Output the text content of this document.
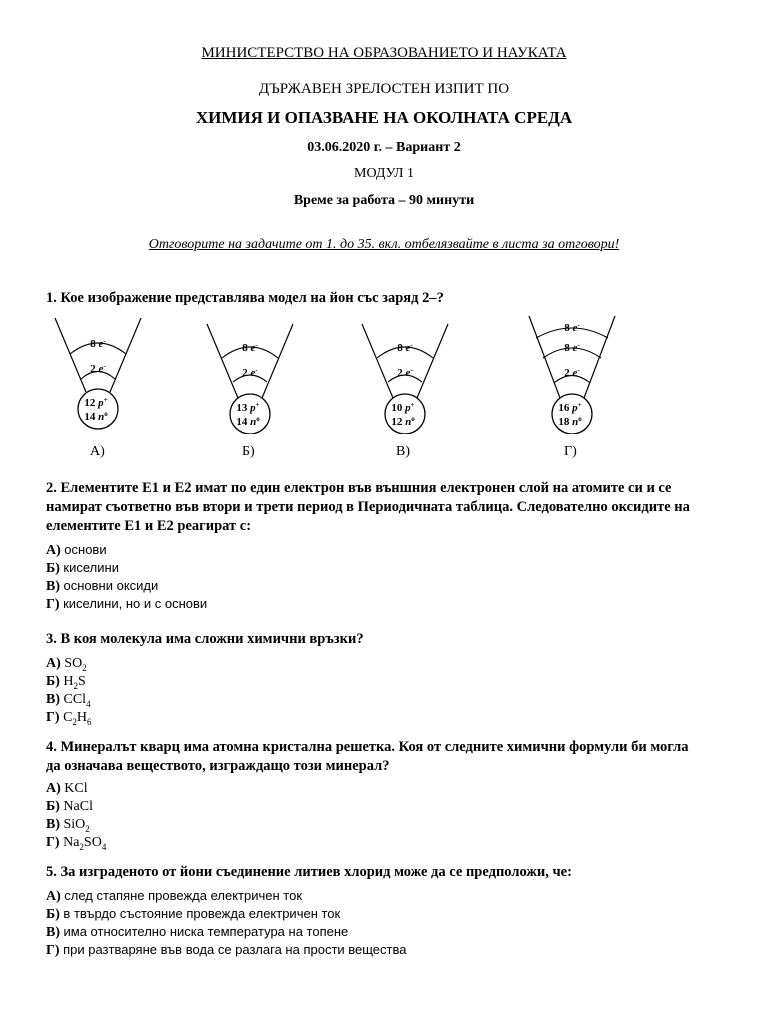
МИНИСТЕРСТВО НА ОБРАЗОВАНИЕТО И НАУКАТА
ДЪРЖАВЕН ЗРЕЛОСТЕН ИЗПИТ ПО
ХИМИЯ И ОПАЗВАНЕ НА ОКОЛНАТА СРЕДА
03.06.2020 г. – Вариант 2
МОДУЛ 1
Време за работа – 90 минути
Отговорите на задачите от 1. до 35. вкл. отбелязвайте в листа за отговори!
1. Кое изображение представлява модел на йон със заряд 2–?
8 e-
2 e-
12 p+
14 $n^o$
8 e-
2 e-
13 p+
14 $n^o$
8 e-
2 e-
10 p+
12 $n^o$
8 e-
8 e-
2 e-
16 p+
18 $n^o$
А)	Б)	В)	Г)
2. Елементите Е1 и Е2 имат по един електрон във външния електронен слой на атомите си и се
намират съответно във втори и трети период в Периодичната таблица. Следователно оксидите на
елементите Е1 и Е2 реагират с:
А) основи
Б) киселини
В) основни оксиди
Г) киселини, но и с основи
3. В коя молекула има сложни химични връзки?
А) $SO_2$
Б) $H_2S$
В) CCl$_4$
Г) $C_2H_6$
4. Минералът кварц има атомна кристална решетка. Коя от следните химични формули би могла
да означава веществото, изграждащо този минерал?
А) KCl
Б) NaCl
В) SiO$_2$
Г) $Na_2SO_4$
5. За изграденото от йони съединение литиев хлорид може да се предположи, че:
А) след стапяне провежда електричен ток
Б) в твърдо състояние провежда електричен ток
В) има относително ниска температура на топене
Г) при разтваряне във вода се разлага на прости вещества
